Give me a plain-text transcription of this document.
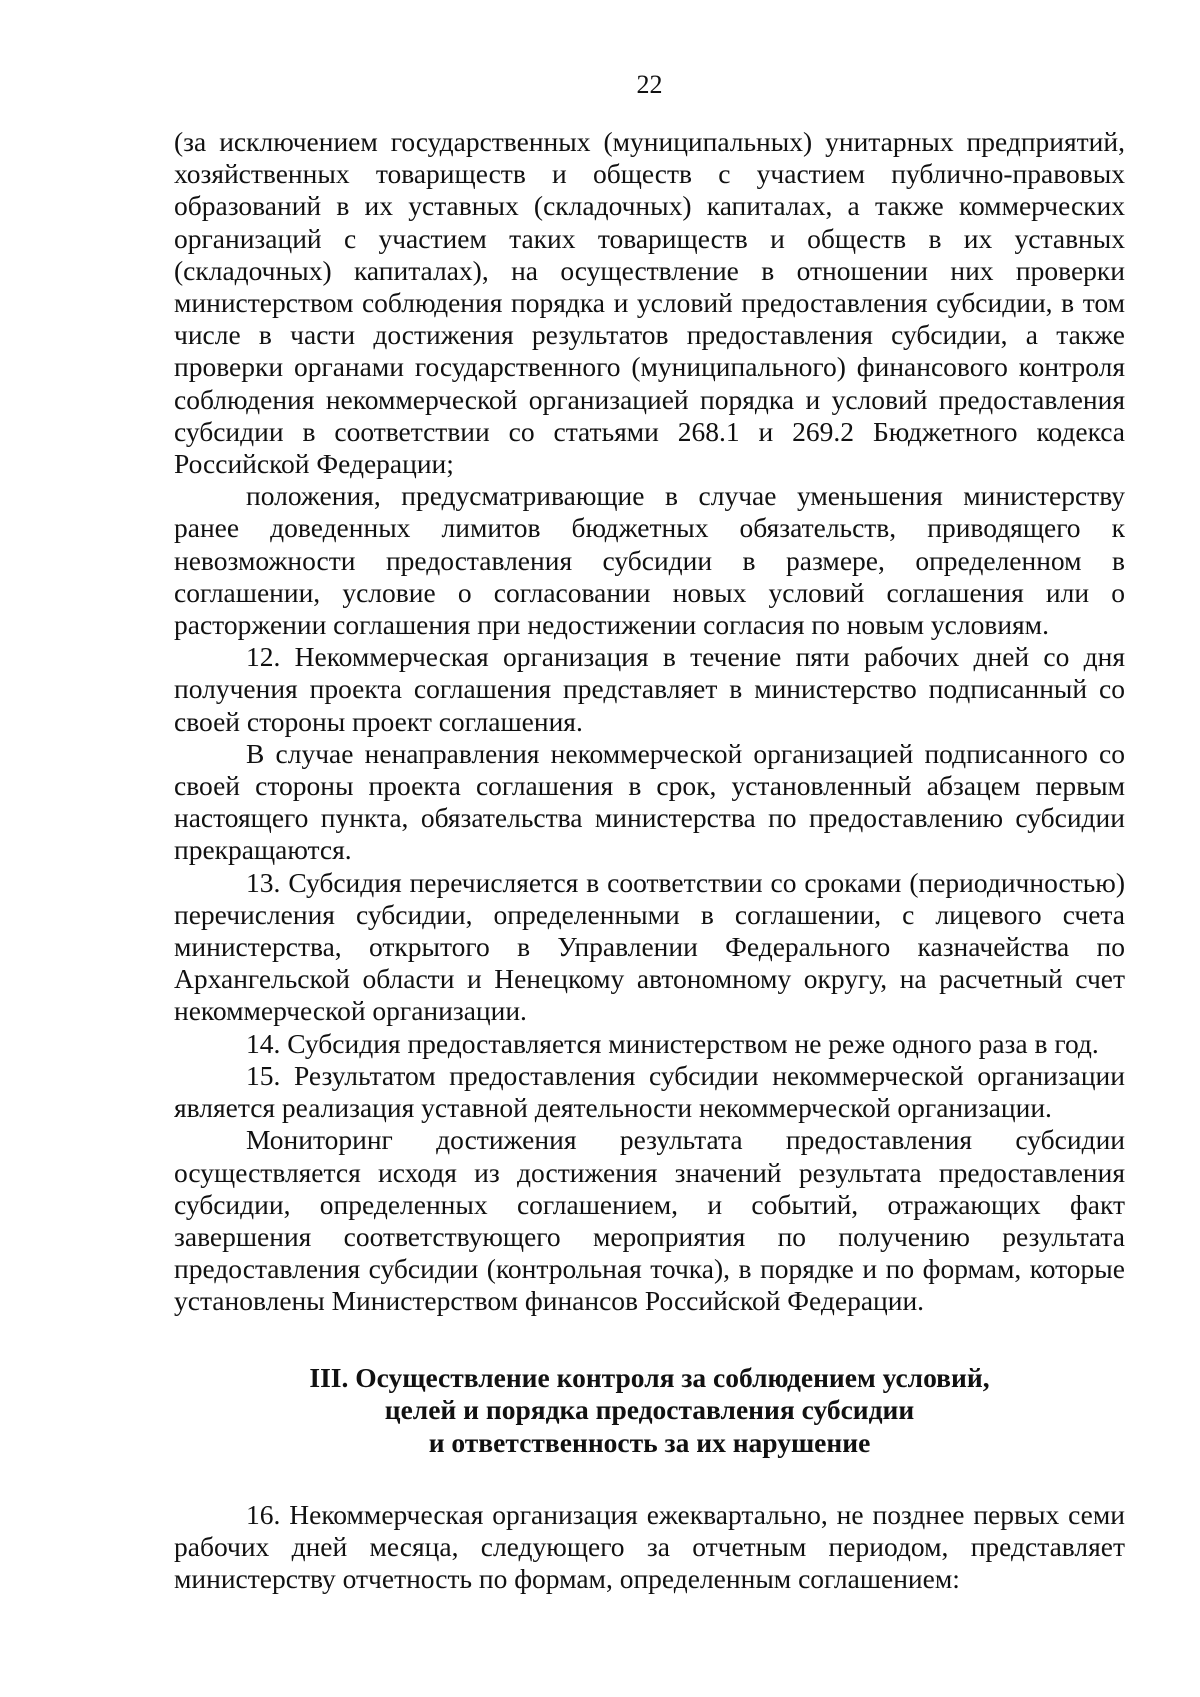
22

(за исключением государственных (муниципальных) унитарных предприятий, хозяйственных товариществ и обществ с участием публично-правовых образований в их уставных (складочных) капиталах, а также коммерческих организаций с участием таких товариществ и обществ в их уставных (складочных) капиталах), на осуществление в отношении них проверки министерством соблюдения порядка и условий предоставления субсидии, в том числе в части достижения результатов предоставления субсидии, а также проверки органами государственного (муниципального) финансового контроля соблюдения некоммерческой организацией порядка и условий предоставления субсидии в соответствии со статьями 268.1 и 269.2 Бюджетного кодекса Российской Федерации;

положения, предусматривающие в случае уменьшения министерству ранее доведенных лимитов бюджетных обязательств, приводящего к невозможности предоставления субсидии в размере, определенном в соглашении, условие о согласовании новых условий соглашения или о расторжении соглашения при недостижении согласия по новым условиям.

12. Некоммерческая организация в течение пяти рабочих дней со дня получения проекта соглашения представляет в министерство подписанный со своей стороны проект соглашения.

В случае ненаправления некоммерческой организацией подписанного со своей стороны проекта соглашения в срок, установленный абзацем первым настоящего пункта, обязательства министерства по предоставлению субсидии прекращаются.

13. Субсидия перечисляется в соответствии со сроками (периодичностью) перечисления субсидии, определенными в соглашении, с лицевого счета министерства, открытого в Управлении Федерального казначейства по Архангельской области и Ненецкому автономному округу, на расчетный счет некоммерческой организации.

14. Субсидия предоставляется министерством не реже одного раза в год.

15. Результатом предоставления субсидии некоммерческой организации является реализация уставной деятельности некоммерческой организации.

Мониторинг достижения результата предоставления субсидии осуществляется исходя из достижения значений результата предоставления субсидии, определенных соглашением, и событий, отражающих факт завершения соответствующего мероприятия по получению результата предоставления субсидии (контрольная точка), в порядке и по формам, которые установлены Министерством финансов Российской Федерации.

III. Осуществление контроля за соблюдением условий,
целей и порядка предоставления субсидии
и ответственность за их нарушение

16. Некоммерческая организация ежеквартально, не позднее первых семи рабочих дней месяца, следующего за отчетным периодом, представляет министерству отчетность по формам, определенным соглашением:
